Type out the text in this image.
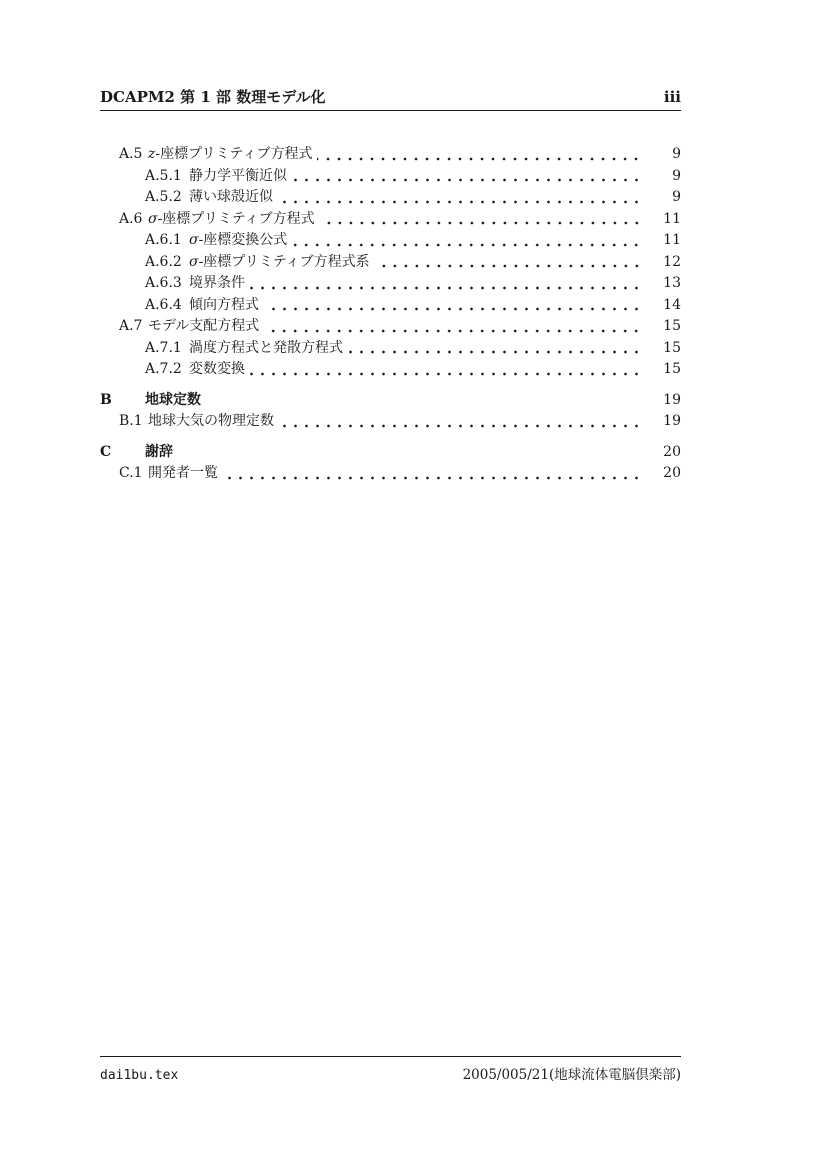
DCAPM2 第 1 部 数理モデル化	iii
A.5 z-座標プリミティブ方程式	9
A.5.1 静力学平衡近似	9
A.5.2 薄い球殻近似	9
A.6 σ-座標プリミティブ方程式	11
A.6.1 σ-座標変換公式	11
A.6.2 σ-座標プリミティブ方程式系	12
A.6.3 境界条件	13
A.6.4 傾向方程式	14
A.7 モデル支配方程式	15
A.7.1 渦度方程式と発散方程式	15
A.7.2 変数変換	15
B	地球定数	19
B.1 地球大気の物理定数	19
C	謝辞	20
C.1 開発者一覧	20
dai1bu.tex	2005/005/21(地球流体電脳倶楽部)
